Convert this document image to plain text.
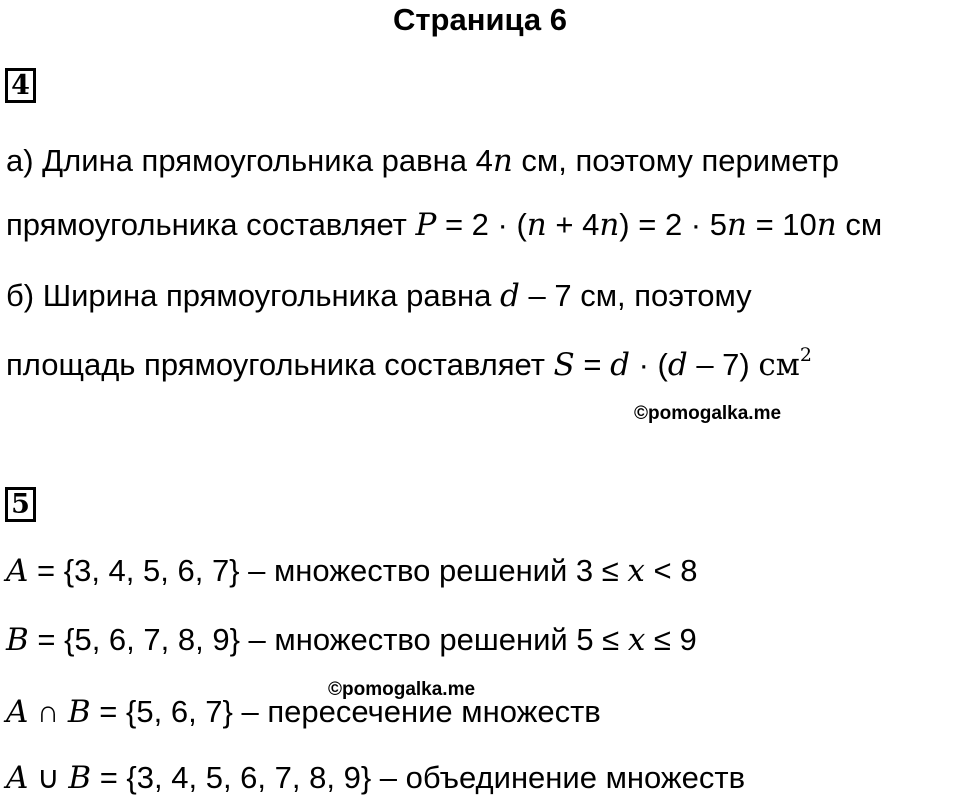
Страница 6
4
а) Длина прямоугольника равна 4n см, поэтому периметр
прямоугольника составляет P = 2 · (n + 4n) = 2 · 5n = 10n см
б) Ширина прямоугольника равна d – 7 см, поэтому
площадь прямоугольника составляет S = d · (d – 7) $см^2$
©pomogalka.me
5
A = {3, 4, 5, 6, 7} – множество решений 3 ≤ x < 8
B = {5, 6, 7, 8, 9} – множество решений 5 ≤ x ≤ 9
©pomogalka.me
A ∩ B = {5, 6, 7} – пересечение множеств
A ∪ B = {3, 4, 5, 6, 7, 8, 9} – объединение множеств
